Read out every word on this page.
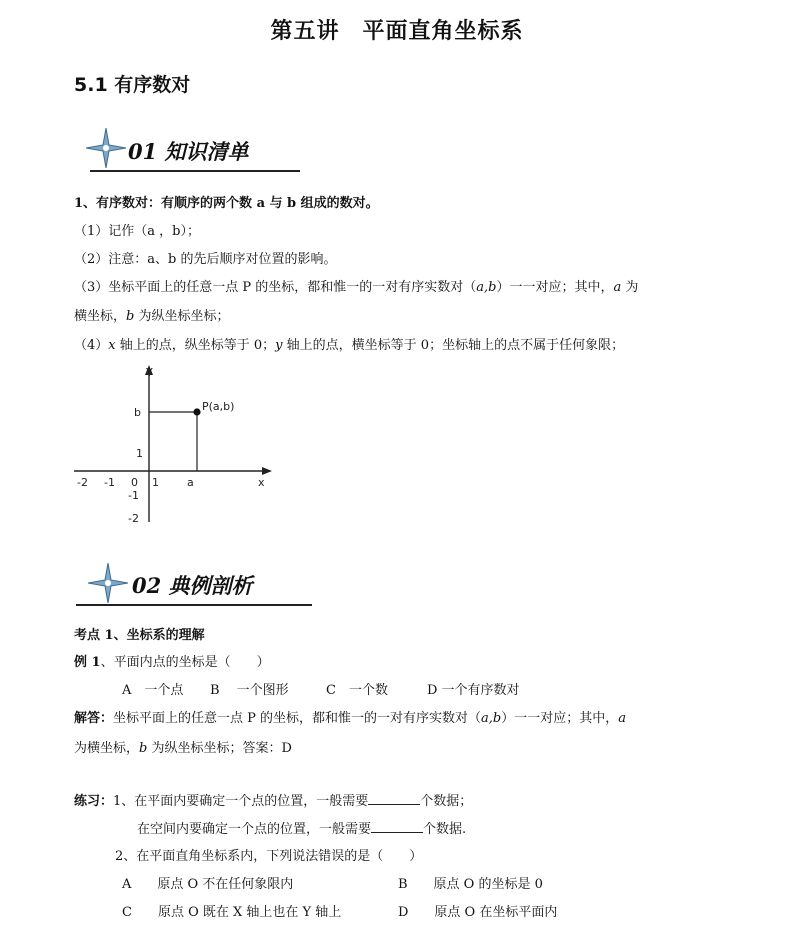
第五讲　平面直角坐标系
5.1 有序数对
01 知识清单
1、有序数对：有顺序的两个数 a 与 b 组成的数对。
（1）记作（a ，b）；
（2）注意：a、b 的先后顺序对位置的影响。
（3）坐标平面上的任意一点 P 的坐标，都和惟一的一对有序实数对（a,b）一一对应；其中，a 为
横坐标，b 为纵坐标坐标；
（4）x 轴上的点，纵坐标等于 0；y 轴上的点，横坐标等于 0；坐标轴上的点不属于任何象限；
Y
x
P(a,b)
b
1
a
1
0
-2 -1
-1
-2
02 典例剖析
考点 1、坐标系的理解
例 1、平面内点的坐标是（　　）
A　一个点 B　 一个图形	C　一个数	D 一个有序数对
解答：坐标平面上的任意一点 P 的坐标，都和惟一的一对有序实数对（a,b）一一对应；其中，a
为横坐标，b 为纵坐标坐标；答案：D
练习：1、在平面内要确定一个点的位置，一般需要	个数据；
在空间内要确定一个点的位置，一般需要	个数据.
2、在平面直角坐标系内，下列说法错误的是（　　）
A　　原点 O 不在任何象限内	B　　原点 O 的坐标是 0
C　　原点 O 既在 X 轴上也在 Y 轴上	D　　原点 O 在坐标平面内
